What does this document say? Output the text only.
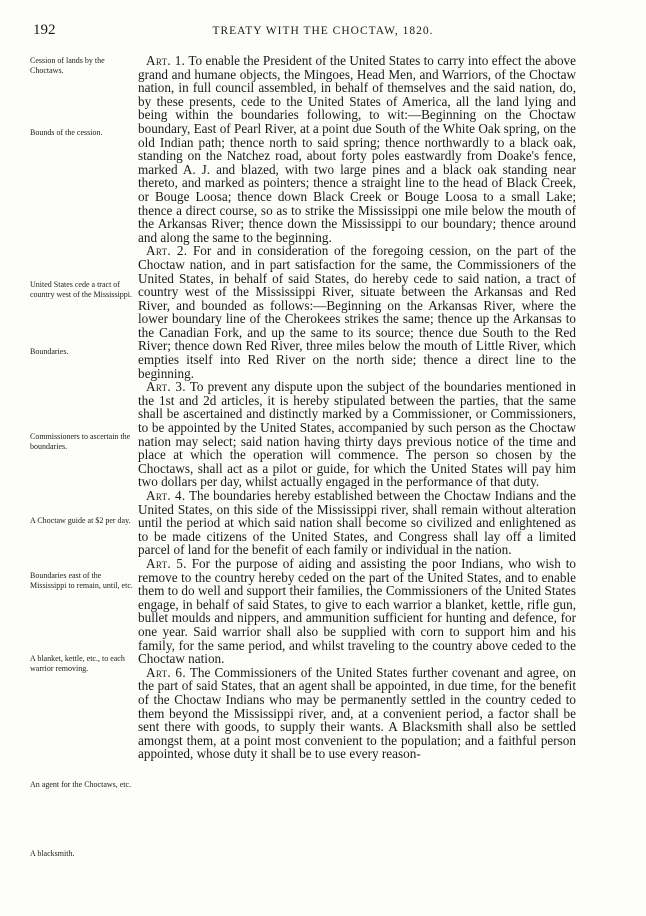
192	TREATY WITH THE CHOCTAW, 1820.
Cession of lands by the Choctaws.
Bounds of the cession.
United States cede a tract of country west of the Mississippi.
Boundaries.
Commissioners to ascertain the boundaries.
A Choctaw guide at $2 per day.
Boundaries east of the Mississippi to remain, until, etc.
A blanket, kettle, etc., to each warrior removing.
An agent for the Choctaws, etc.
A blacksmith.

Art. 1. To enable the President of the United States to carry into effect the above grand and humane objects, the Mingoes, Head Men, and Warriors, of the Choctaw nation, in full council assembled, in behalf of themselves and the said nation, do, by these presents, cede to the United States of America, all the land lying and being within the boundaries following, to wit:—Beginning on the Choctaw boundary, East of Pearl River, at a point due South of the White Oak spring, on the old Indian path; thence north to said spring; thence northwardly to a black oak, standing on the Natchez road, about forty poles eastwardly from Doake's fence, marked A. J. and blazed, with two large pines and a black oak standing near thereto, and marked as pointers; thence a straight line to the head of Black Creek, or Bouge Loosa; thence down Black Creek or Bouge Loosa to a small Lake; thence a direct course, so as to strike the Mississippi one mile below the mouth of the Arkansas River; thence down the Mississippi to our boundary; thence around and along the same to the beginning.

Art. 2. For and in consideration of the foregoing cession, on the part of the Choctaw nation, and in part satisfaction for the same, the Commissioners of the United States, in behalf of said States, do hereby cede to said nation, a tract of country west of the Mississippi River, situate between the Arkansas and Red River, and bounded as follows:—Beginning on the Arkansas River, where the lower boundary line of the Cherokees strikes the same; thence up the Arkansas to the Canadian Fork, and up the same to its source; thence due South to the Red River; thence down Red River, three miles below the mouth of Little River, which empties itself into Red River on the north side; thence a direct line to the beginning.

Art. 3. To prevent any dispute upon the subject of the boundaries mentioned in the 1st and 2d articles, it is hereby stipulated between the parties, that the same shall be ascertained and distinctly marked by a Commissioner, or Commissioners, to be appointed by the United States, accompanied by such person as the Choctaw nation may select; said nation having thirty days previous notice of the time and place at which the operation will commence. The person so chosen by the Choctaws, shall act as a pilot or guide, for which the United States will pay him two dollars per day, whilst actually engaged in the performance of that duty.

Art. 4. The boundaries hereby established between the Choctaw Indians and the United States, on this side of the Mississippi river, shall remain without alteration until the period at which said nation shall become so civilized and enlightened as to be made citizens of the United States, and Congress shall lay off a limited parcel of land for the benefit of each family or individual in the nation.

Art. 5. For the purpose of aiding and assisting the poor Indians, who wish to remove to the country hereby ceded on the part of the United States, and to enable them to do well and support their families, the Commissioners of the United States engage, in behalf of said States, to give to each warrior a blanket, kettle, rifle gun, bullet moulds and nippers, and ammunition sufficient for hunting and defence, for one year. Said warrior shall also be supplied with corn to support him and his family, for the same period, and whilst traveling to the country above ceded to the Choctaw nation.

Art. 6. The Commissioners of the United States further covenant and agree, on the part of said States, that an agent shall be appointed, in due time, for the benefit of the Choctaw Indians who may be permanently settled in the country ceded to them beyond the Mississippi river, and, at a convenient period, a factor shall be sent there with goods, to supply their wants. A Blacksmith shall also be settled amongst them, at a point most convenient to the population; and a faithful person appointed, whose duty it shall be to use every reason-
